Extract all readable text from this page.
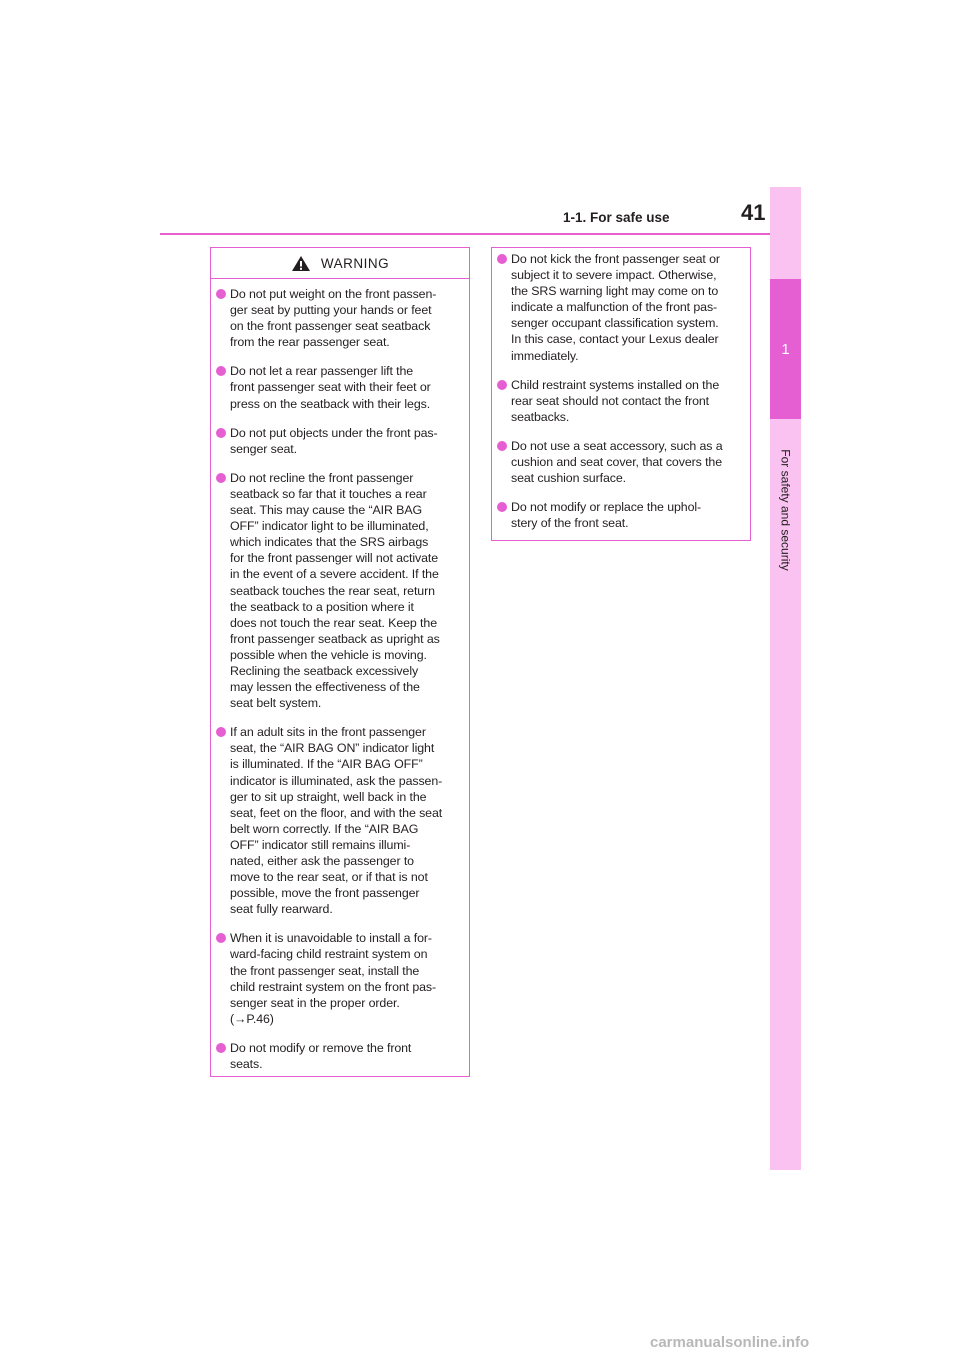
1-1. For safe use	41
1
For safety and security
WARNING
Do not put weight on the front passen-
ger seat by putting your hands or feet
on the front passenger seat seatback
from the rear passenger seat.
Do not let a rear passenger lift the
front passenger seat with their feet or
press on the seatback with their legs.
Do not put objects under the front pas-
senger seat.
Do not recline the front passenger
seatback so far that it touches a rear
seat. This may cause the “AIR BAG
OFF” indicator light to be illuminated,
which indicates that the SRS airbags
for the front passenger will not activate
in the event of a severe accident. If the
seatback touches the rear seat, return
the seatback to a position where it
does not touch the rear seat. Keep the
front passenger seatback as upright as
possible when the vehicle is moving.
Reclining the seatback excessively
may lessen the effectiveness of the
seat belt system.
If an adult sits in the front passenger
seat, the “AIR BAG ON” indicator light
is illuminated. If the “AIR BAG OFF”
indicator is illuminated, ask the passen-
ger to sit up straight, well back in the
seat, feet on the floor, and with the seat
belt worn correctly. If the “AIR BAG
OFF” indicator still remains illumi-
nated, either ask the passenger to
move to the rear seat, or if that is not
possible, move the front passenger
seat fully rearward.
When it is unavoidable to install a for-
ward-facing child restraint system on
the front passenger seat, install the
child restraint system on the front pas-
senger seat in the proper order.
(→P.46)
Do not modify or remove the front
seats.
Do not kick the front passenger seat or
subject it to severe impact. Otherwise,
the SRS warning light may come on to
indicate a malfunction of the front pas-
senger occupant classification system.
In this case, contact your Lexus dealer
immediately.
Child restraint systems installed on the
rear seat should not contact the front
seatbacks.
Do not use a seat accessory, such as a
cushion and seat cover, that covers the
seat cushion surface.
Do not modify or replace the uphol-
stery of the front seat.
carmanualsonline.info
